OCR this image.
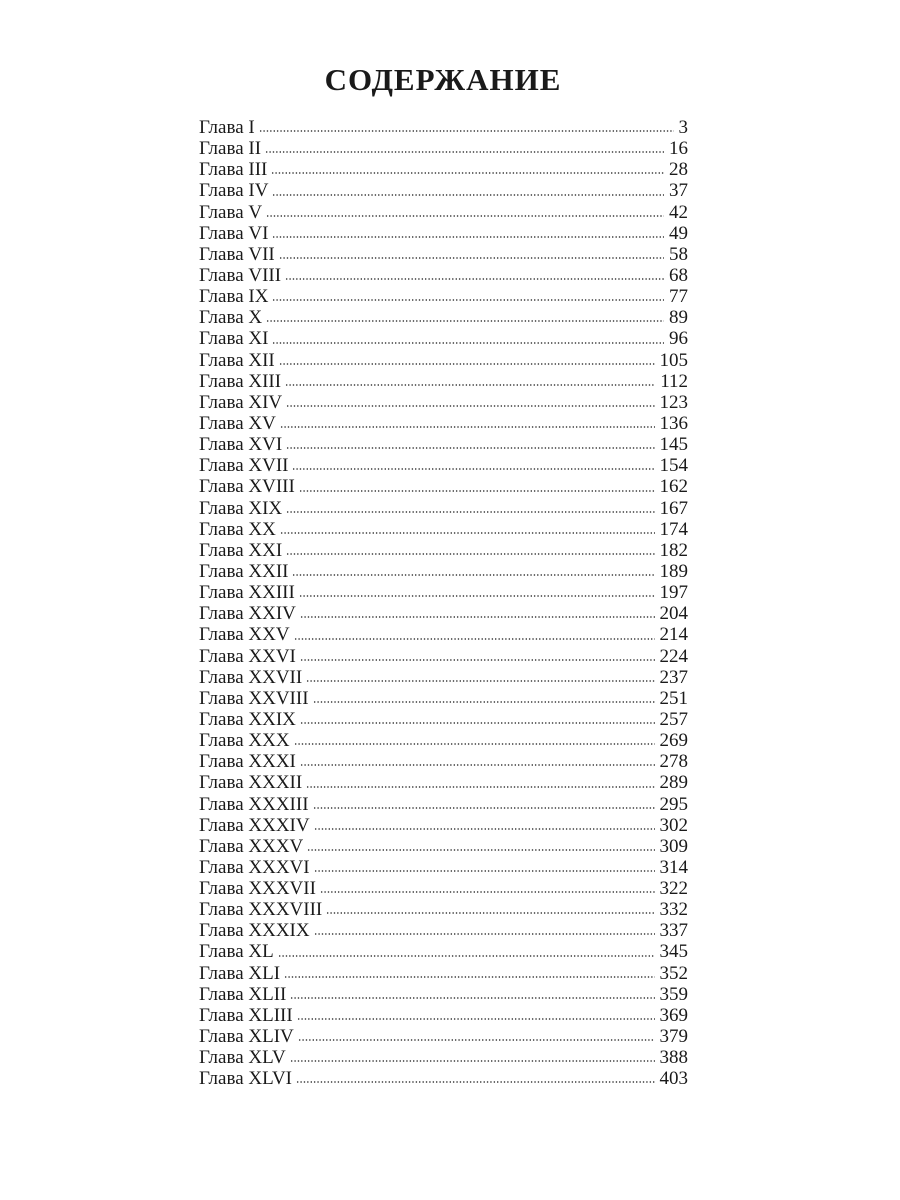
СОДЕРЖАНИЕ
Глава I	3
Глава II	16
Глава III	28
Глава IV	37
Глава V	42
Глава VI	49
Глава VII	58
Глава VIII	68
Глава IX	77
Глава X	89
Глава XI	96
Глава XII	105
Глава XIII	112
Глава XIV	123
Глава XV	136
Глава XVI	145
Глава XVII	154
Глава XVIII	162
Глава XIX	167
Глава XX	174
Глава XXI	182
Глава XXII	189
Глава XXIII	197
Глава XXIV	204
Глава XXV	214
Глава XXVI	224
Глава XXVII	237
Глава XXVIII	251
Глава XXIX	257
Глава XXX	269
Глава XXXI	278
Глава XXXII	289
Глава XXXIII	295
Глава XXXIV	302
Глава XXXV	309
Глава XXXVI	314
Глава XXXVII	322
Глава XXXVIII	332
Глава XXXIX	337
Глава XL	345
Глава XLI	352
Глава XLII	359
Глава XLIII	369
Глава XLIV	379
Глава XLV	388
Глава XLVI	403
